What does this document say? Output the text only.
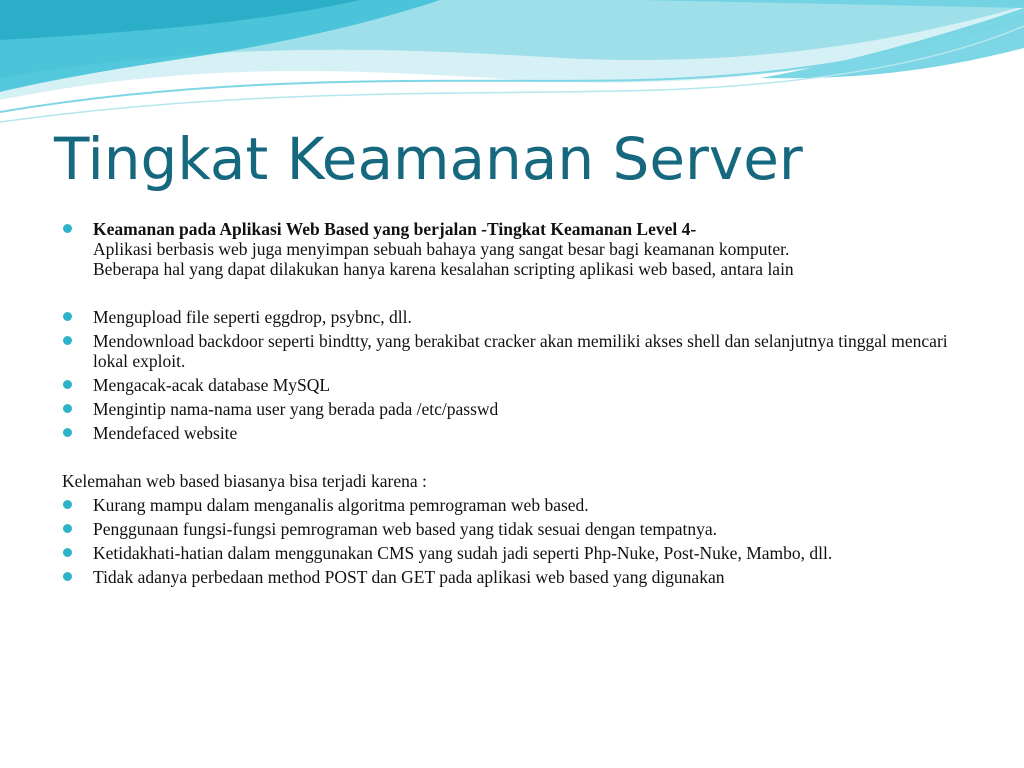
Tingkat Keamanan Server
Keamanan pada Aplikasi Web Based yang berjalan -Tingkat Keamanan Level 4-
Aplikasi berbasis web juga menyimpan sebuah bahaya yang sangat besar bagi keamanan komputer.
Beberapa hal yang dapat dilakukan hanya karena kesalahan scripting aplikasi web based, antara lain
Mengupload file seperti eggdrop, psybnc, dll.
Mendownload backdoor seperti bindtty, yang berakibat cracker akan memiliki akses shell dan selanjutnya tinggal mencari lokal exploit.
Mengacak-acak database MySQL
Mengintip nama-nama user yang berada pada /etc/passwd
Mendefaced website

Kelemahan web based biasanya bisa terjadi karena :

Kurang mampu dalam menganalis algoritma pemrograman web based.
Penggunaan fungsi-fungsi pemrograman web based yang tidak sesuai dengan tempatnya.
Ketidakhati-hatian dalam menggunakan CMS yang sudah jadi seperti Php-Nuke, Post-Nuke, Mambo, dll.
Tidak adanya perbedaan method POST dan GET pada aplikasi web based yang digunakan
